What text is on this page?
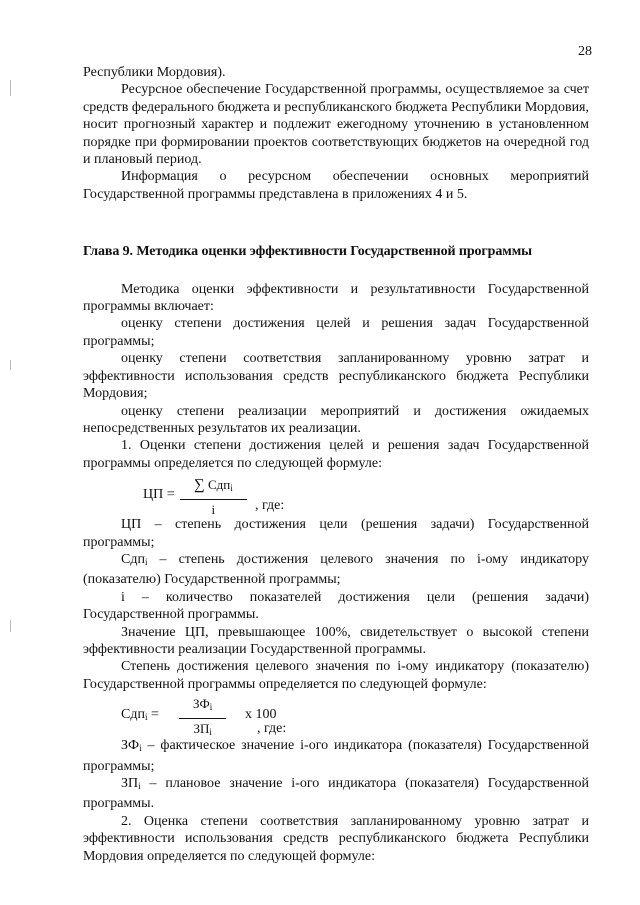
28
Республики Мордовия).
Ресурсное обеспечение Государственной программы, осуществляемое за счет средств федерального бюджета и республиканского бюджета Республики Мордовия, носит прогнозный характер и подлежит ежегодному уточнению в установленном порядке при формировании проектов соответствующих бюджетов на очередной год и плановый период.
Информация о ресурсном обеспечении основных мероприятий Государственной программы представлена в приложениях 4 и 5.
Глава 9. Методика оценки эффективности Государственной программы
Методика оценки эффективности и результативности Государственной программы включает:
оценку степени достижения целей и решения задач Государственной программы;
оценку степени соответствия запланированному уровню затрат и эффективности использования средств республиканского бюджета Республики Мордовия;
оценку степени реализации мероприятий и достижения ожидаемых непосредственных результатов их реализации.
1. Оценки степени достижения целей и решения задач Государственной программы определяется по следующей формуле:
ЦП =
∑ Сдп$_i$
i	, где:
ЦП – степень достижения цели (решения задачи) Государственной программы;
Сдп$_i$ – степень достижения целевого значения по i-ому индикатору (показателю) Государственной программы;
i – количество показателей достижения цели (решения задачи) Государственной программы.
Значение ЦП, превышающее 100%, свидетельствует о высокой степени эффективности реализации Государственной программы.
Степень достижения целевого значения по i-ому индикатору (показателю) Государственной программы определяется по следующей формуле:
Сдп$_i$ =
$ЗФ_i$
$ЗП_i$
x 100
, где:
$ЗФ_i$ – фактическое значение i-ого индикатора (показателя) Государственной программы;
$ЗП_i$ – плановое значение i-ого индикатора (показателя) Государственной программы.
2. Оценка степени соответствия запланированному уровню затрат и эффективности использования средств республиканского бюджета Республики Мордовия определяется по следующей формуле:
